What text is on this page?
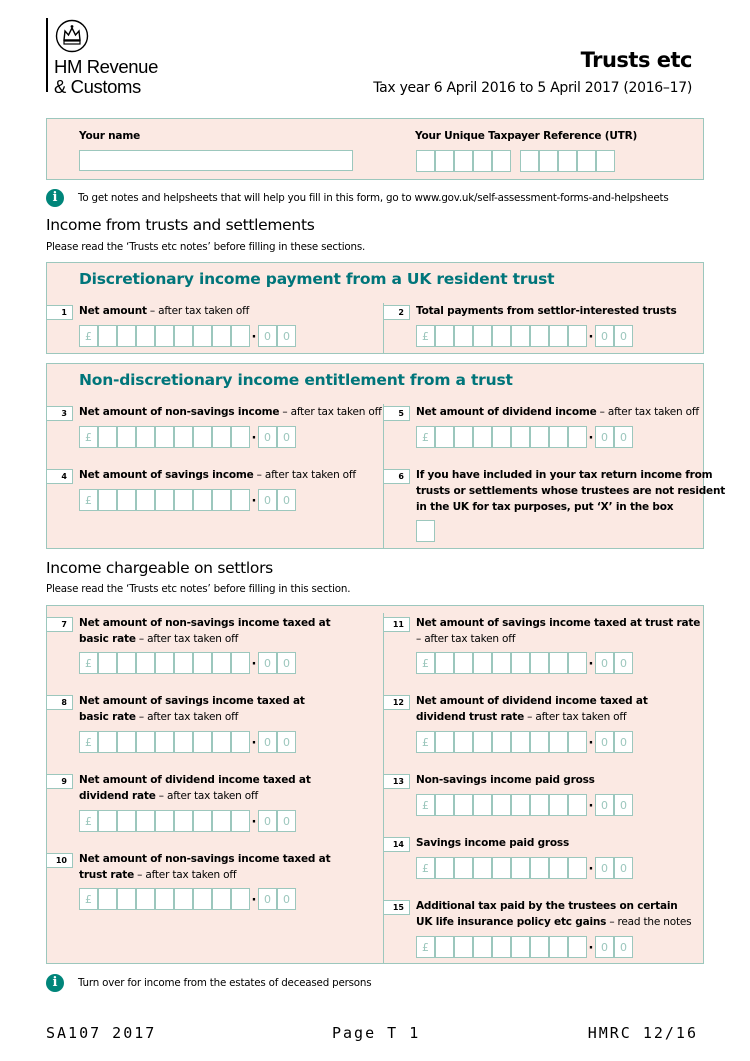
HM Revenue
& Customs
Trusts etc
Tax year 6 April 2016 to 5 April 2017 (2016–17)
Your name	Your Unique Taxpayer Reference (UTR)
i	To get notes and helpsheets that will help you fill in this form, go to www.gov.uk/self-assessment-forms-and-helpsheets
Income from trusts and settlements
Please read the ‘Trusts etc notes’ before filling in these sections.
Discretionary income payment from a UK resident trust
Non-discretionary income entitlement from a trust
Income chargeable on settlors
Please read the ‘Trusts etc notes’ before filling in this section.
1	Net amount – after tax taken off
£	· 0 0
2	Total payments from settlor-interested trusts
£	· 0 0
3	Net amount of non-savings income – after tax taken off
£	· 0 0
5	Net amount of dividend income – after tax taken off
£	· 0 0
4	Net amount of savings income – after tax taken off
£	· 0 0
6	If you have included in your tax return income from
trusts or settlements whose trustees are not resident
in the UK for tax purposes, put ‘X’ in the box
7	Net amount of non-savings income taxed at
basic rate – after tax taken off
£	· 0 0
11	Net amount of savings income taxed at trust rate
– after tax taken off
£	· 0 0
8	Net amount of savings income taxed at
basic rate – after tax taken off
£	· 0 0
12	Net amount of dividend income taxed at
dividend trust rate – after tax taken off
£	· 0 0
9	Net amount of dividend income taxed at
dividend rate – after tax taken off
£	· 0 0
13	Non-savings income paid gross
£	· 0 0
14	Savings income paid gross
£	· 0 0
10	Net amount of non-savings income taxed at
trust rate – after tax taken off
£	· 0 0
15	Additional tax paid by the trustees on certain
UK life insurance policy etc gains – read the notes
£	· 0 0
i	Turn over for income from the estates of deceased persons
SA107 2017	Page T 1	HMRC 12/16
